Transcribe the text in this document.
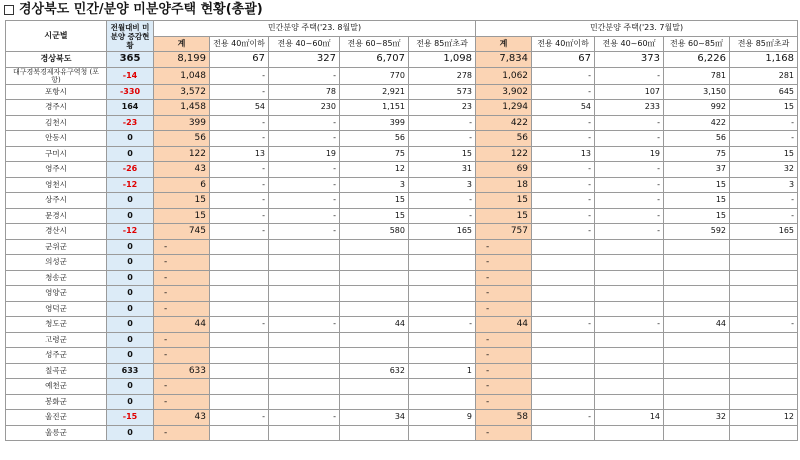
경상북도 민간/분양 미분양주택 현황(총괄)
시군별	전월대비 미분양 증감현황	민간분양 주택('23. 8월말)					민간분양 주택('23. 7월말)				
		계	전용 40㎡이하	전용 40~60㎡	전용 60~85㎡	전용 85㎡초과	계	전용 40㎡이하	전용 40~60㎡	전용 60~85㎡	전용 85㎡초과
경상북도	365	8,199	67	327	6,707	1,098	7,834	67	373	6,226	1,168
대구경북경제자유구역청 (포항)	-14	1,048	-	-	770	278	1,062	-	-	781	281
포항시	-330	3,572	-	78	2,921	573	3,902	-	107	3,150	645
경주시	164	1,458	54	230	1,151	23	1,294	54	233	992	15
김천시	-23	399	-	-	399	-	422	-	-	422	-
안동시	0	56	-	-	56	-	56	-	-	56	-
구미시	0	122	13	19	75	15	122	13	19	75	15
영주시	-26	43	-	-	12	31	69	-	-	37	32
영천시	-12	6	-	-	3	3	18	-	-	15	3
상주시	0	15	-	-	15	-	15	-	-	15	-
문경시	0	15	-	-	15	-	15	-	-	15	-
경산시	-12	745	-	-	580	165	757	-	-	592	165
군위군	0	-					-				
의성군	0	-					-				
청송군	0	-					-				
영양군	0	-					-				
영덕군	0	-					-				
청도군	0	44	-	-	44	-	44	-	-	44	-
고령군	0	-					-				
성주군	0	-					-				
칠곡군	633	633			632	1	-				
예천군	0	-					-				
봉화군	0	-					-				
울진군	-15	43	-	-	34	9	58	-	14	32	12
울릉군	0	-					-				
